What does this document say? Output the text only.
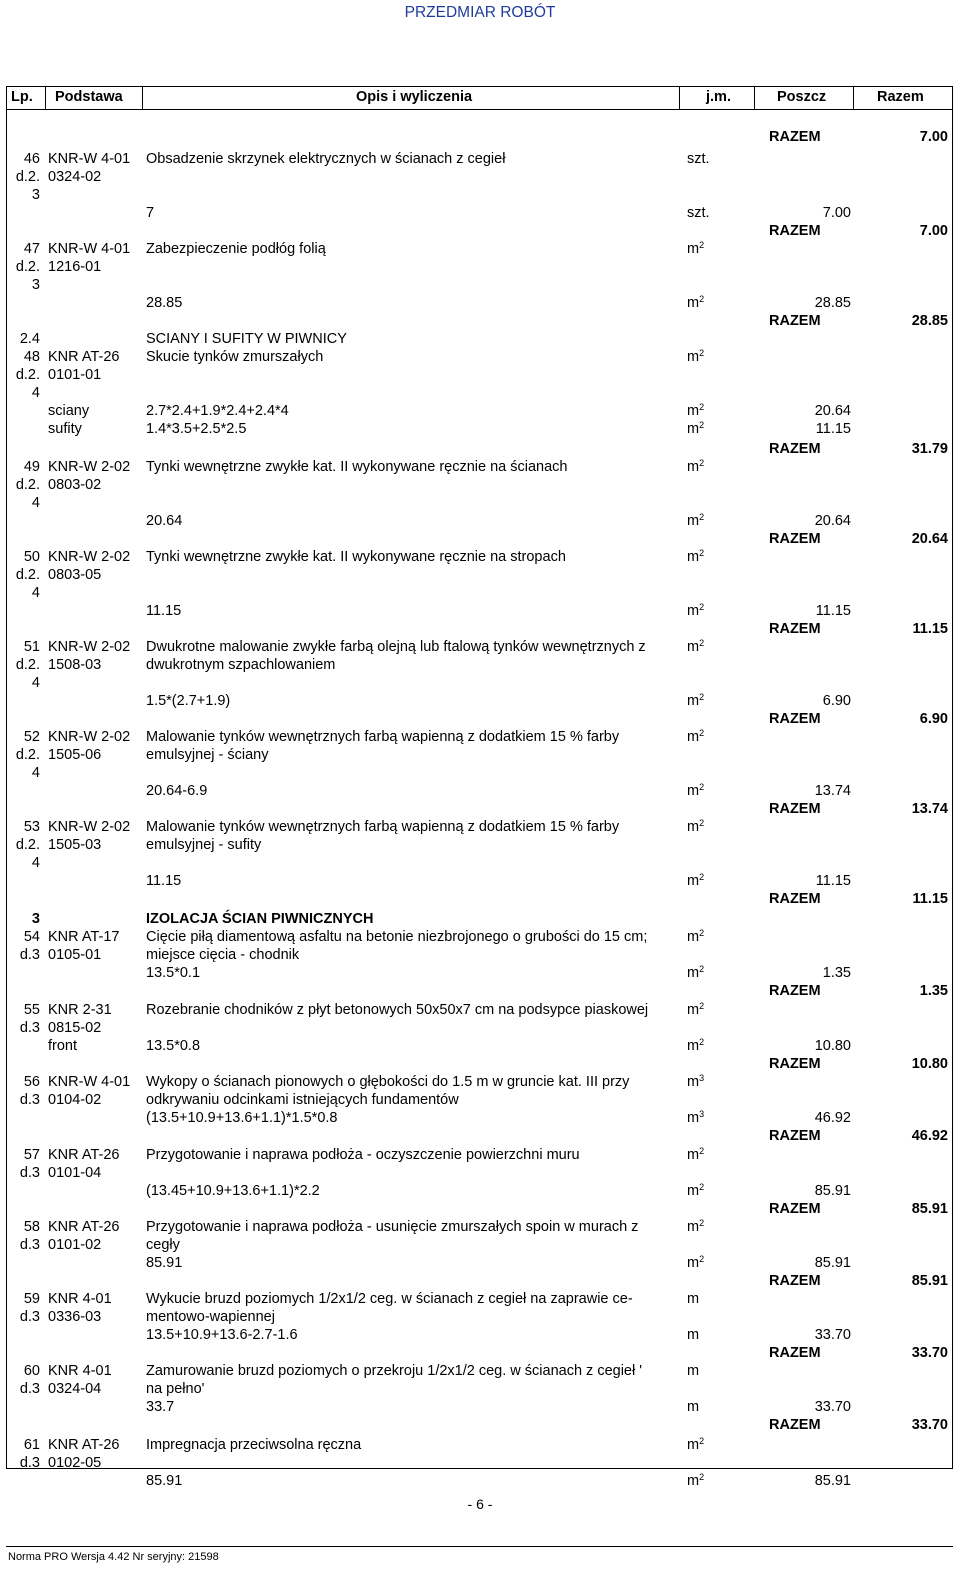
PRZEDMIAR ROBÓT
Lp. Podstawa	Opis i wyliczenia	j.m.	Poszcz	Razem
RAZEM	7.00
46 KNR-W 4-01 Obsadzenie skrzynek elektrycznych w ścianach z cegieł	szt.
d.2. 0324-02
3
7	szt.	7.00
RAZEM	7.00
47 KNR-W 4-01 Zabezpieczenie podłóg folią	$m^2$
d.2. 1216-01
3
28.85	$m^2$	28.85
RAZEM	28.85
2.4	SCIANY I SUFITY W PIWNICY
48 KNR AT-26 Skucie tynków zmurszałych	$m^2$
d.2. 0101-01
4
sciany	2.7*2.4+1.9*2.4+2.4*4	$m^2$	20.64
sufity	1.4*3.5+2.5*2.5	$m^2$	11.15
RAZEM	31.79
49 KNR-W 2-02 Tynki wewnętrzne zwykłe kat. II wykonywane ręcznie na ścianach	$m^2$
d.2. 0803-02
4
20.64	$m^2$	20.64
RAZEM	20.64
50 KNR-W 2-02 Tynki wewnętrzne zwykłe kat. II wykonywane ręcznie na stropach	$m^2$
d.2. 0803-05
4
11.15	$m^2$	11.15
RAZEM	11.15
51 KNR-W 2-02 Dwukrotne malowanie zwykłe farbą olejną lub ftalową tynków wewnętrznych z	$m^2$
d.2. 1508-03	dwukrotnym szpachlowaniem
4
1.5*(2.7+1.9)	$m^2$	6.90
RAZEM	6.90
52 KNR-W 2-02 Malowanie tynków wewnętrznych farbą wapienną z dodatkiem 15 % farby	$m^2$
d.2. 1505-06	emulsyjnej - ściany
4
20.64-6.9	$m^2$	13.74
RAZEM	13.74
53 KNR-W 2-02 Malowanie tynków wewnętrznych farbą wapienną z dodatkiem 15 % farby	$m^2$
d.2. 1505-03	emulsyjnej - sufity
4
11.15	$m^2$	11.15
RAZEM	11.15
3	IZOLACJA ŚCIAN PIWNICZNYCH
54 KNR AT-17 Cięcie piłą diamentową asfaltu na betonie niezbrojonego o grubości do 15 cm;	$m^2$
d.3 0105-01	miejsce cięcia - chodnik
13.5*0.1	$m^2$	1.35
RAZEM	1.35
55 KNR 2-31 Rozebranie chodników z płyt betonowych 50x50x7 cm na podsypce piaskowej	$m^2$
d.3 0815-02
front	13.5*0.8	$m^2$	10.80
RAZEM	10.80
56 KNR-W 4-01 Wykopy o ścianach pionowych o głębokości do 1.5 m w gruncie kat. III przy	$m^3$
d.3 0104-02	odkrywaniu odcinkami istniejących fundamentów
(13.5+10.9+13.6+1.1)*1.5*0.8	$m^3$	46.92
RAZEM	46.92
57 KNR AT-26 Przygotowanie i naprawa podłoża - oczyszczenie powierzchni muru	$m^2$
d.3 0101-04
(13.45+10.9+13.6+1.1)*2.2	$m^2$	85.91
RAZEM	85.91
58 KNR AT-26 Przygotowanie i naprawa podłoża - usunięcie zmurszałych spoin w murach z	$m^2$
d.3 0101-02	cegły
85.91	$m^2$	85.91
RAZEM	85.91
59 KNR 4-01 Wykucie bruzd poziomych 1/2x1/2 ceg. w ścianach z cegieł na zaprawie ce-	m
d.3 0336-03	mentowo-wapiennej
13.5+10.9+13.6-2.7-1.6	m	33.70
RAZEM	33.70
60 KNR 4-01 Zamurowanie bruzd poziomych o przekroju 1/2x1/2 ceg. w ścianach z cegieł '	m
d.3 0324-04	na pełno'
33.7	m	33.70
RAZEM	33.70
61 KNR AT-26 Impregnacja przeciwsolna ręczna	$m^2$
d.3 0102-05
85.91	$m^2$	85.91
- 6 -
Norma PRO Wersja 4.42 Nr seryjny: 21598
